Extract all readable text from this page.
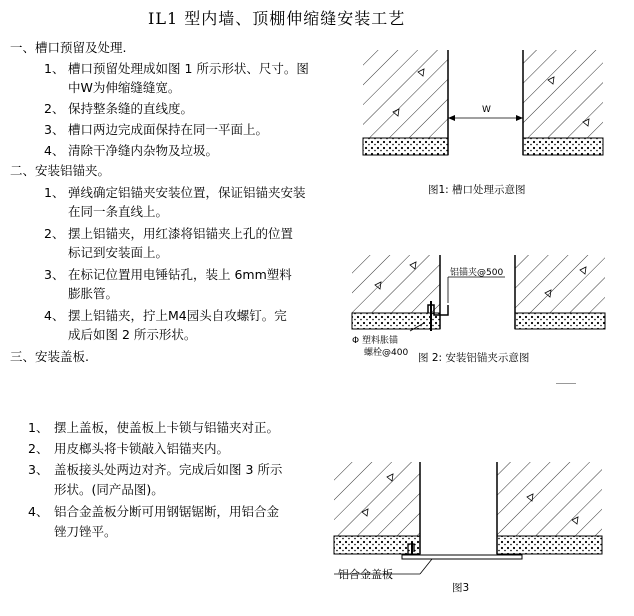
IL1 型内墙、顶棚伸缩缝安装工艺
一、槽口预留及处理.
1、 槽口预留处理成如图 1 所示形状、尺寸。图
中W为伸缩缝缝宽。
2、 保持整条缝的直线度。
3、 槽口两边完成面保持在同一平面上。
4、 清除干净缝内杂物及垃圾。
二、安装铝锚夹。
1、 弹线确定铝锚夹安装位置，保证铝锚夹安装
在同一条直线上。
2、 摆上铝锚夹，用红漆将铝锚夹上孔的位置
标记到安装面上。
3、 在标记位置用电锤钻孔，装上 6mm塑料
膨胀管。
4、 摆上铝锚夹，拧上M4园头自攻螺钉。完
成后如图 2 所示形状。
三、安装盖板.
1、 摆上盖板，使盖板上卡锁与铝锚夹对正。
2、 用皮榔头将卡锁敲入铝锚夹内。
3、 盖板接头处两边对齐。完成后如图 3 所示
形状。(同产品图)。
4、 铝合金盖板分断可用钢锯锯断，用铝合金
锉刀锉平。
W
图1: 槽口处理示意图
铝锚夹@500
Φ 塑料胀锚
螺栓@400 图 2: 安装铝锚夹示意图
铝合金盖板
图3
